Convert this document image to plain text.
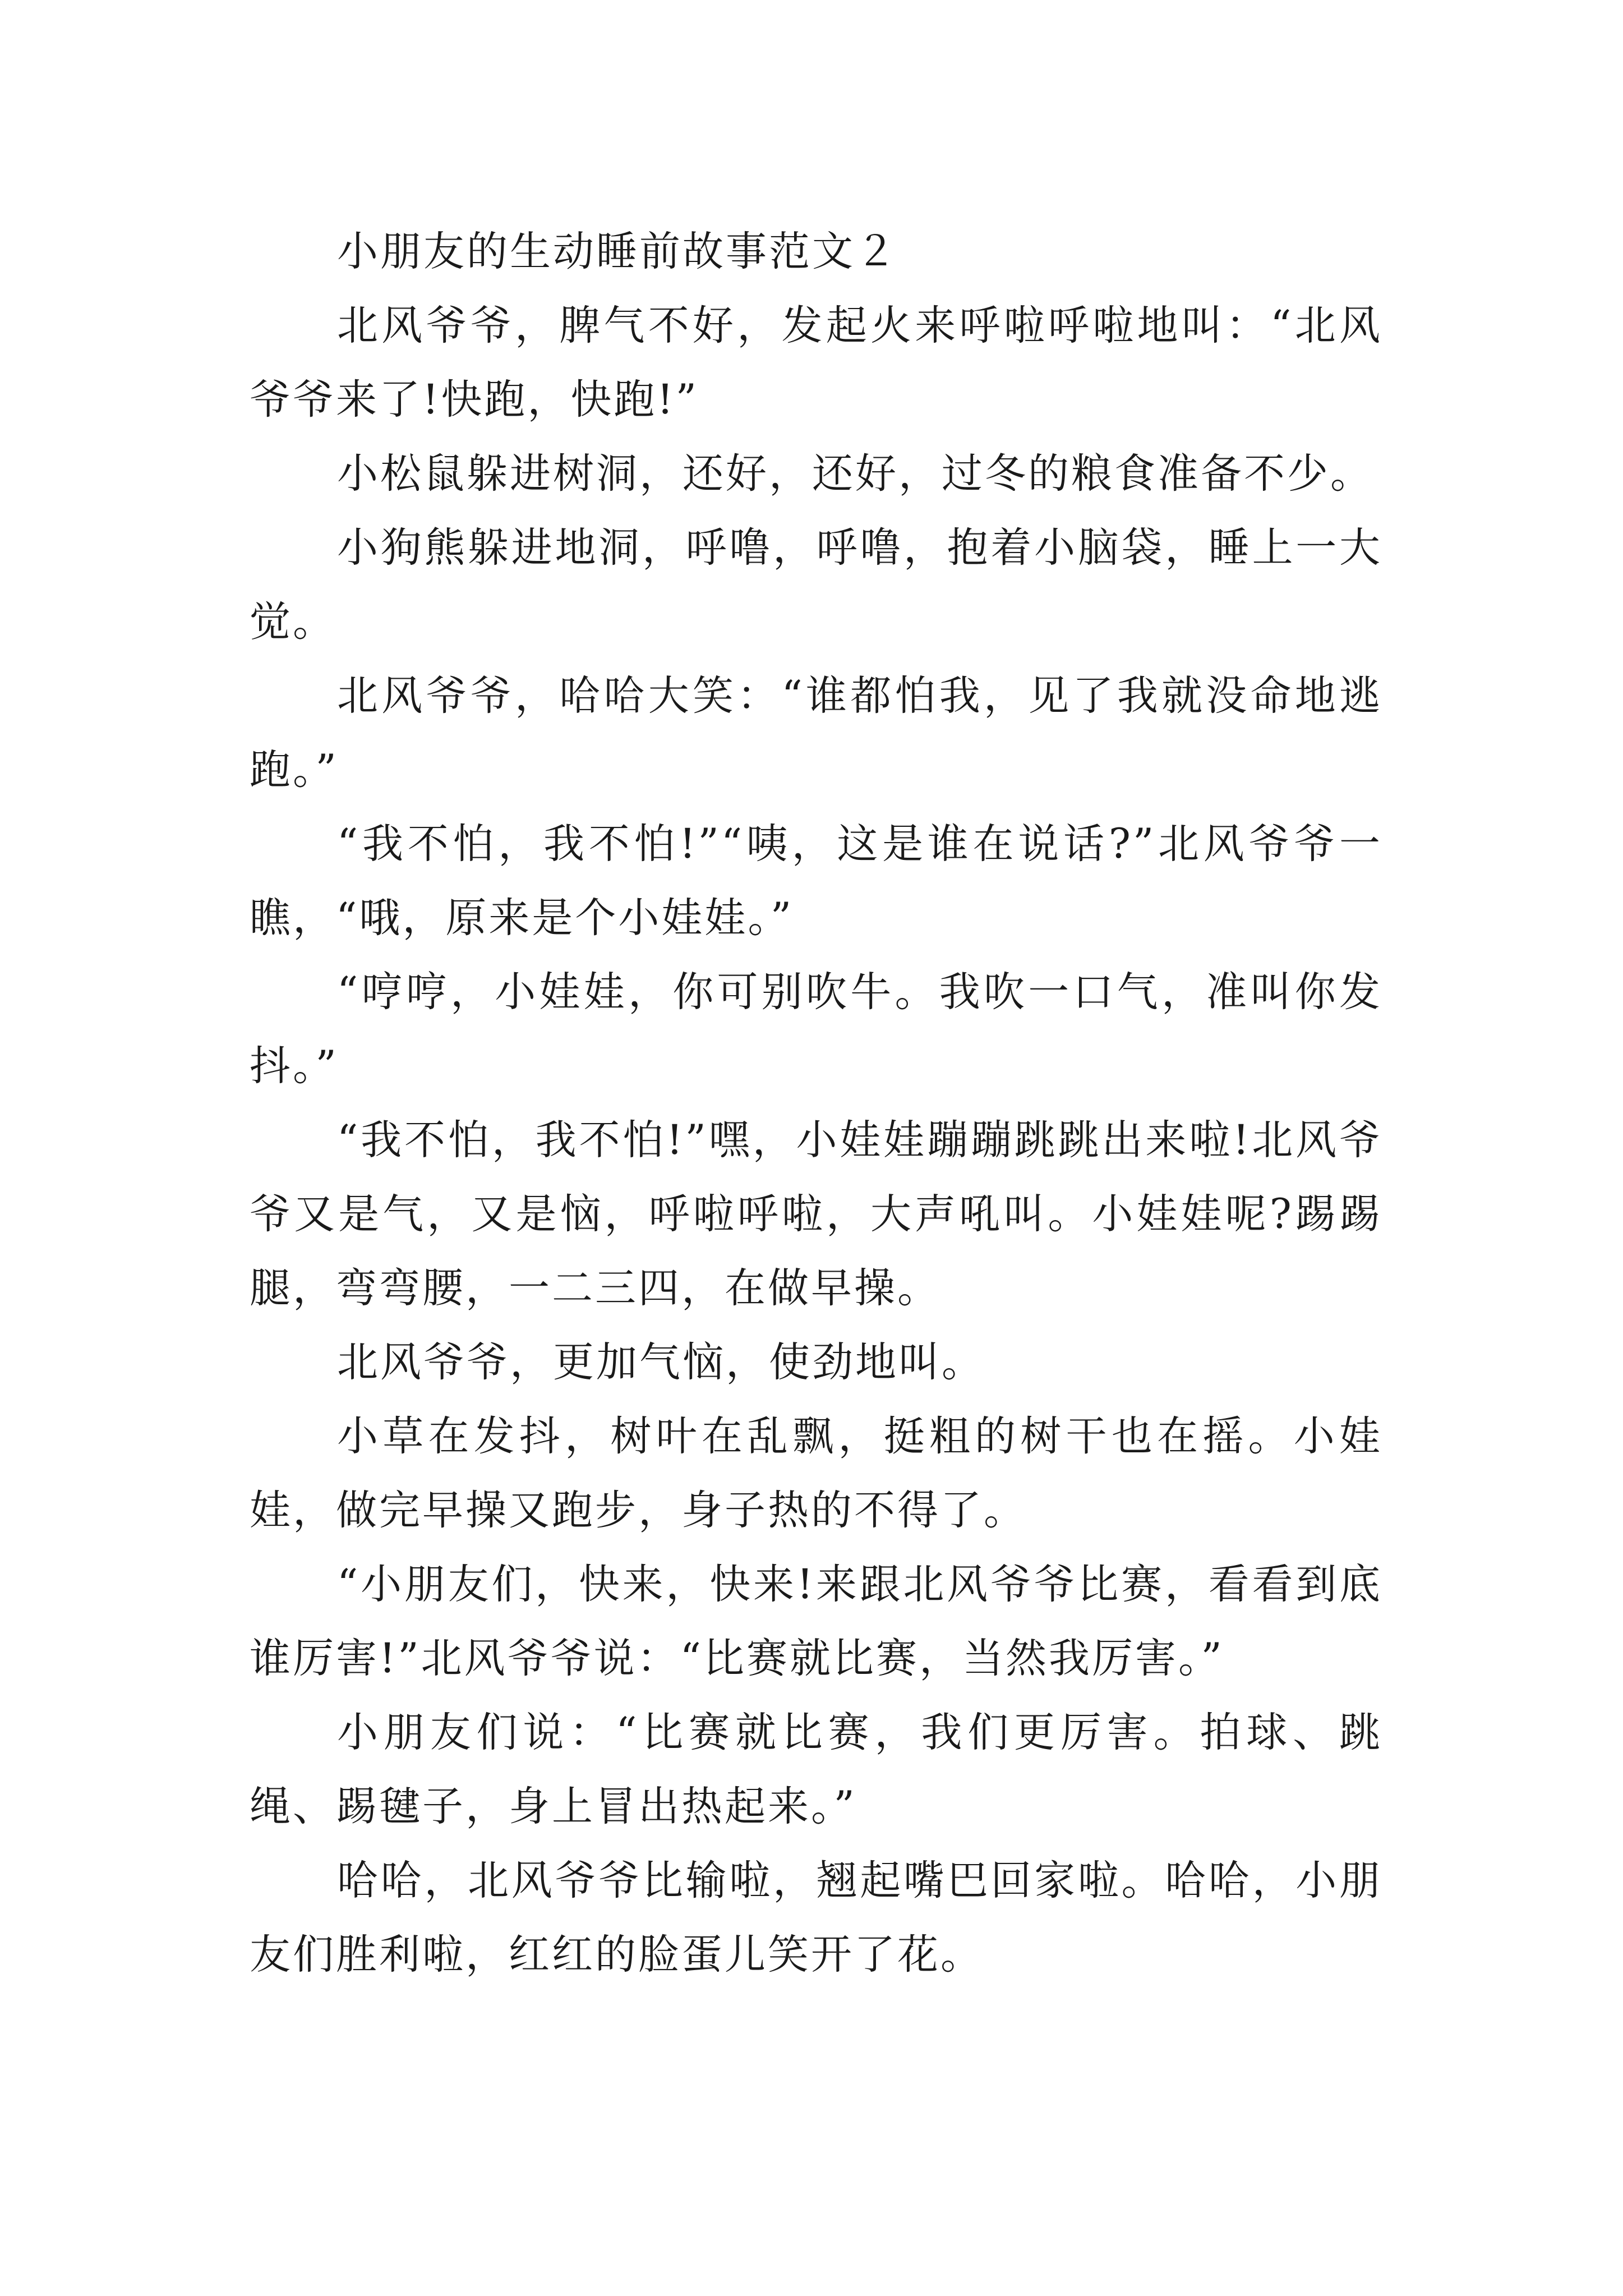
小朋友的生动睡前故事范文２

北风爷爷，脾气不好，发起火来呼啦呼啦地叫：“北风爷爷来了!快跑，快跑!”

小松鼠躲进树洞，还好，还好，过冬的粮食准备不少。

小狗熊躲进地洞，呼噜，呼噜，抱着小脑袋，睡上一大觉。

北风爷爷，哈哈大笑：“谁都怕我，见了我就没命地逃跑。”

“我不怕，我不怕!”“咦，这是谁在说话?”北风爷爷一瞧，“哦，原来是个小娃娃。”

“哼哼，小娃娃，你可别吹牛。我吹一口气，准叫你发抖。”

“我不怕，我不怕!”嘿，小娃娃蹦蹦跳跳出来啦!北风爷爷又是气，又是恼，呼啦呼啦，大声吼叫。小娃娃呢?踢踢腿，弯弯腰，一二三四，在做早操。

北风爷爷，更加气恼，使劲地叫。

小草在发抖，树叶在乱飘，挺粗的树干也在摇。小娃娃，做完早操又跑步，身子热的不得了。

“小朋友们，快来，快来!来跟北风爷爷比赛，看看到底谁厉害!”北风爷爷说：“比赛就比赛，当然我厉害。”

小朋友们说：“比赛就比赛，我们更厉害。拍球、跳绳、踢毽子，身上冒出热起来。”

哈哈，北风爷爷比输啦，翘起嘴巴回家啦。哈哈，小朋友们胜利啦，红红的脸蛋儿笑开了花。
